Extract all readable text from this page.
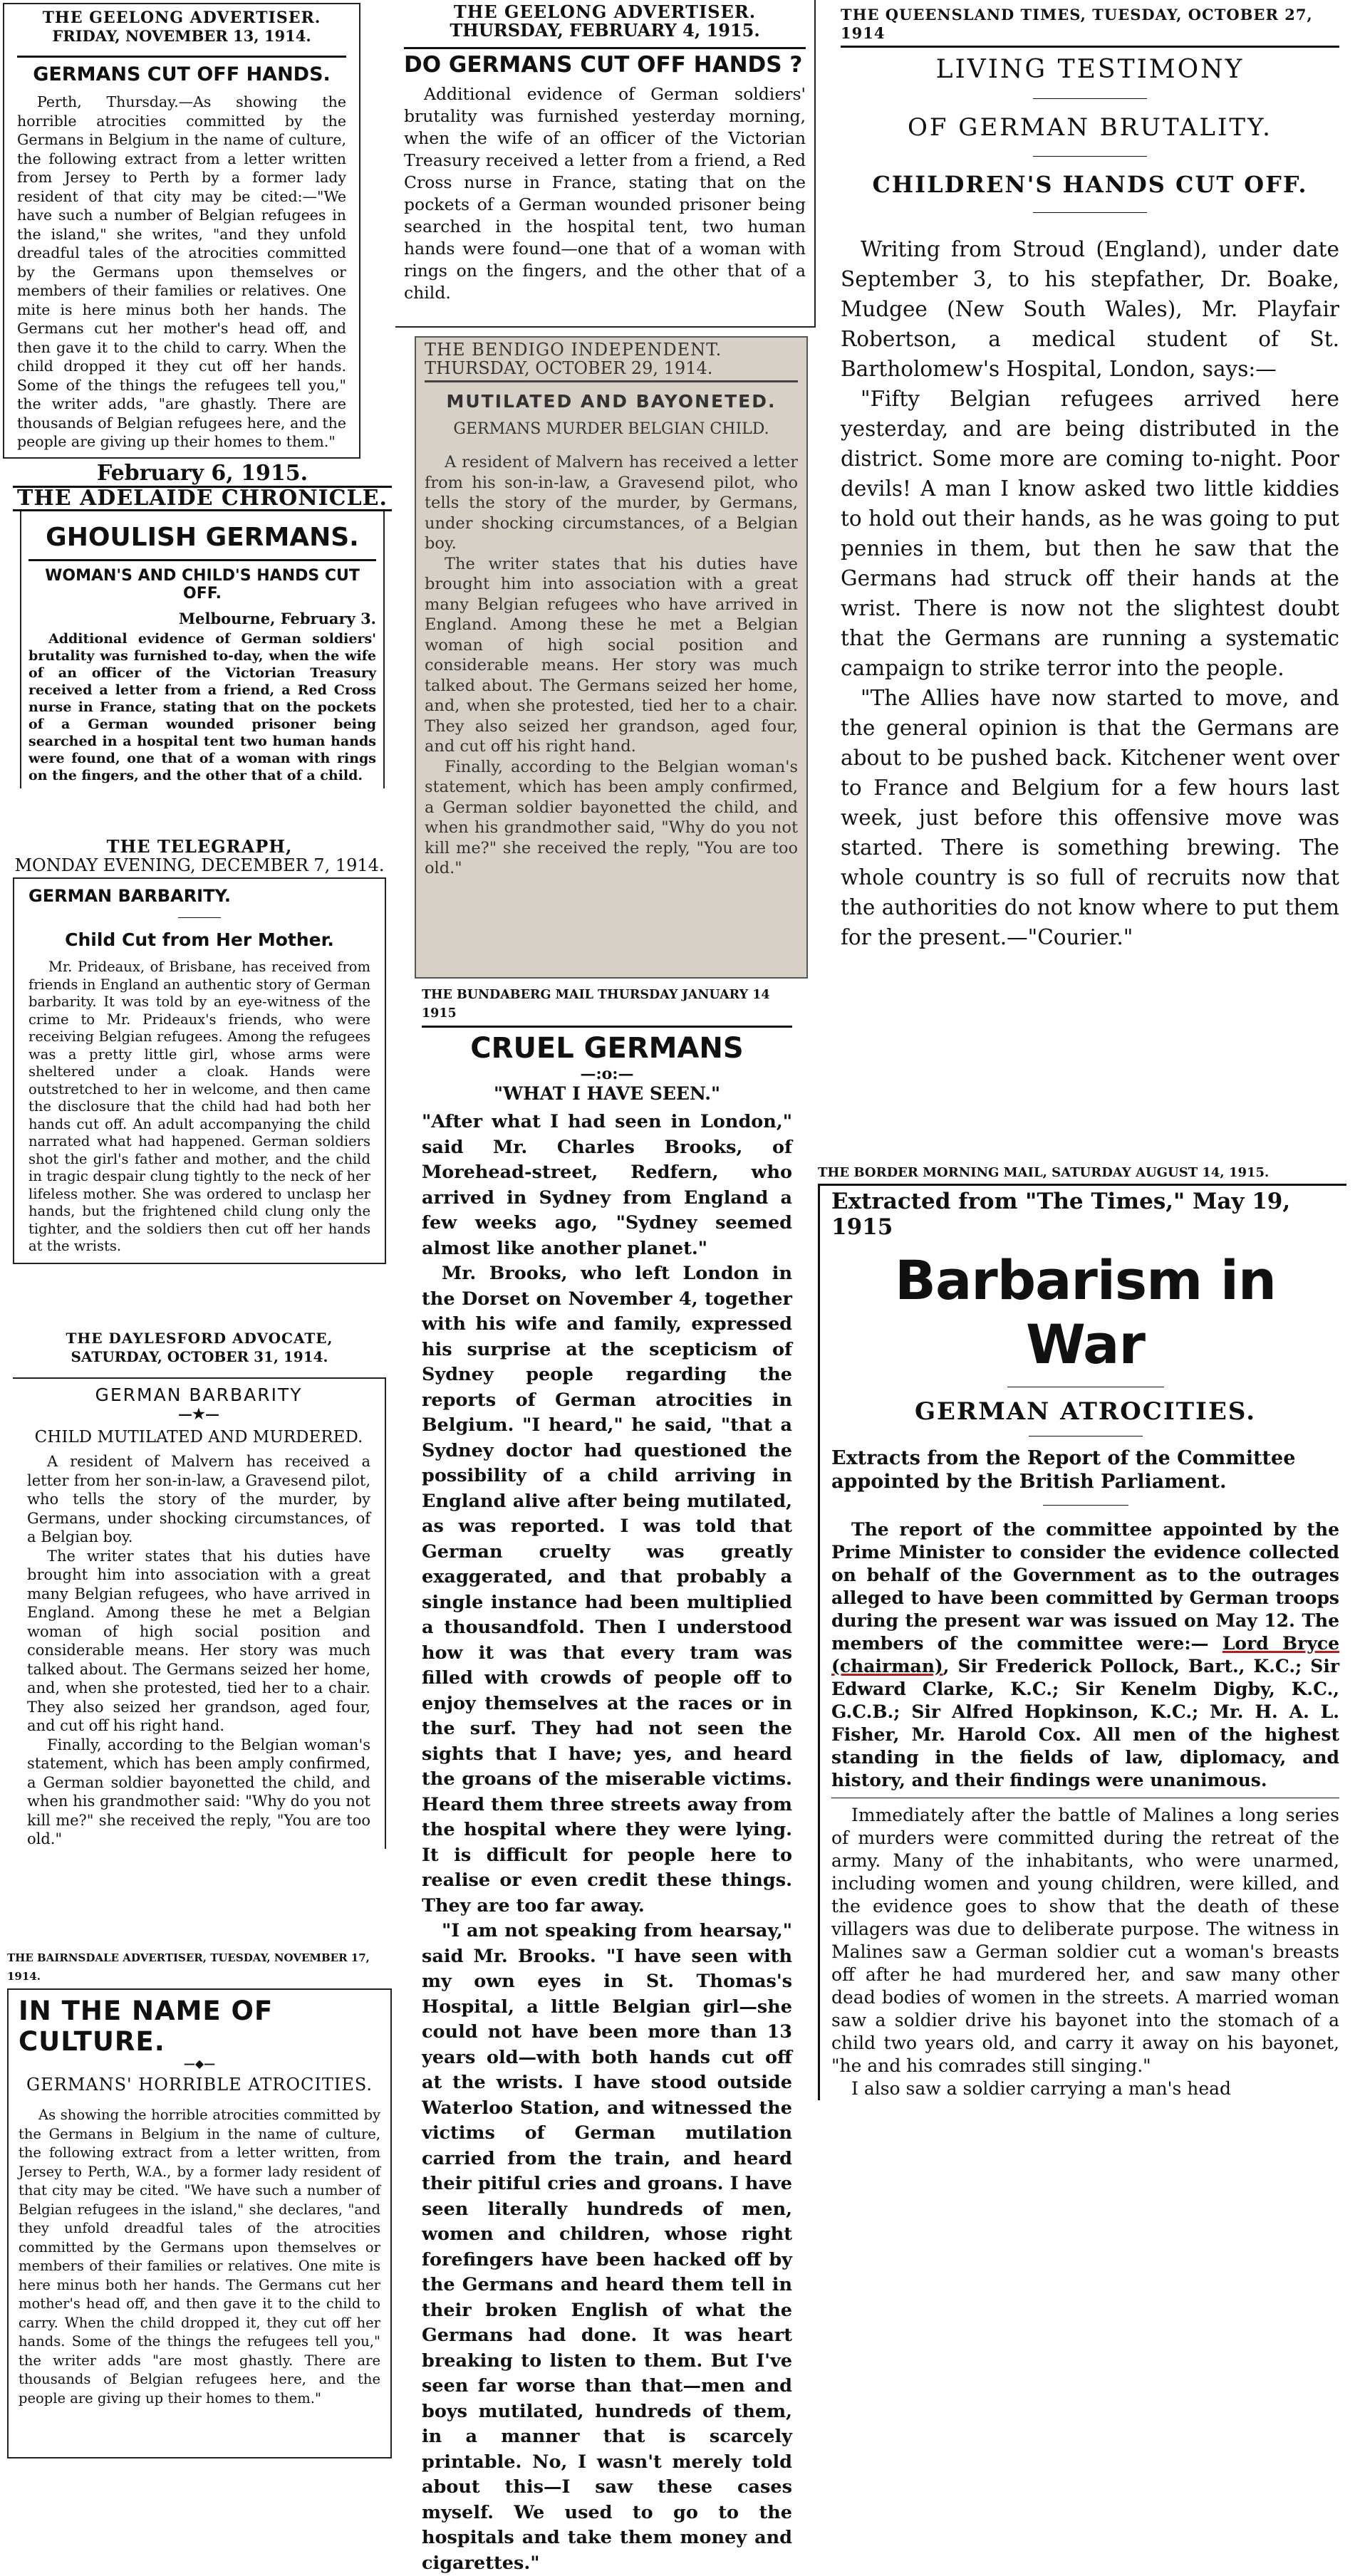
THE GEELONG ADVERTISER.
FRIDAY, NOVEMBER 13, 1914.
GERMANS CUT OFF HANDS.

Perth, Thursday.—As showing the horrible atrocities committed by the Germans in Belgium in the name of culture, the following extract from a letter written from Jersey to Perth by a former lady resident of that city may be cited:—"We have such a number of Belgian refugees in the island," she writes, "and they unfold dreadful tales of the atrocities committed by the Germans upon themselves or members of their families or relatives. One mite is here minus both her hands. The Germans cut her mother's head off, and then gave it to the child to carry. When the child dropped it they cut off her hands. Some of the things the refugees tell you," the writer adds, "are ghastly. There are thousands of Belgian refugees here, and the people are giving up their homes to them."

THE GEELONG ADVERTISER.
THURSDAY, FEBRUARY 4, 1915.
DO GERMANS CUT OFF HANDS ?

Additional evidence of German soldiers' brutality was furnished yesterday morning, when the wife of an officer of the Victorian Treasury received a letter from a friend, a Red Cross nurse in France, stating that on the pockets of a German wounded prisoner being searched in the hospital tent, two human hands were found—one that of a woman with rings on the fingers, and the other that of a child.

THE QUEENSLAND TIMES, TUESDAY, OCTOBER 27, 1914
LIVING TESTIMONY
OF GERMAN BRUTALITY.
CHILDREN'S HANDS CUT OFF.

Writing from Stroud (England), under date September 3, to his stepfather, Dr. Boake, Mudgee (New South Wales), Mr. Playfair Robertson, a medical student of St. Bartholomew's Hospital, London, says:—

"Fifty Belgian refugees arrived here yesterday, and are being distributed in the district. Some more are coming to-night. Poor devils! A man I know asked two little kiddies to hold out their hands, as he was going to put pennies in them, but then he saw that the Germans had struck off their hands at the wrist. There is now not the slightest doubt that the Germans are running a systematic campaign to strike terror into the people.

"The Allies have now started to move, and the general opinion is that the Germans are about to be pushed back. Kitchener went over to France and Belgium for a few hours last week, just before this offensive move was started. There is something brewing. The whole country is so full of recruits now that the authorities do not know where to put them for the present.—"Courier."

THE BENDIGO INDEPENDENT.
THURSDAY, OCTOBER 29, 1914.
MUTILATED AND BAYONETED.
GERMANS MURDER BELGIAN CHILD.

A resident of Malvern has received a letter from his son-in-law, a Gravesend pilot, who tells the story of the murder, by Germans, under shocking circumstances, of a Belgian boy.

The writer states that his duties have brought him into association with a great many Belgian refugees who have arrived in England. Among these he met a Belgian woman of high social position and considerable means. Her story was much talked about. The Germans seized her home, and, when she protested, tied her to a chair. They also seized her grandson, aged four, and cut off his right hand.

Finally, according to the Belgian woman's statement, which has been amply confirmed, a German soldier bayonetted the child, and when his grandmother said, "Why do you not kill me?" she received the reply, "You are too old."

February 6, 1915.
THE ADELAIDE CHRONICLE.
GHOULISH GERMANS.
WOMAN'S AND CHILD'S HANDS CUT OFF.
Melbourne, February 3.

Additional evidence of German soldiers' brutality was furnished to-day, when the wife of an officer of the Victorian Treasury received a letter from a friend, a Red Cross nurse in France, stating that on the pockets of a German wounded prisoner being searched in a hospital tent two human hands were found, one that of a woman with rings on the fingers, and the other that of a child.

THE TELEGRAPH,
MONDAY EVENING, DECEMBER 7, 1914.
GERMAN BARBARITY.
Child Cut from Her Mother.

Mr. Prideaux, of Brisbane, has received from friends in England an authentic story of German barbarity. It was told by an eye-witness of the crime to Mr. Prideaux's friends, who were receiving Belgian refugees. Among the refugees was a pretty little girl, whose arms were sheltered under a cloak. Hands were outstretched to her in welcome, and then came the disclosure that the child had had both her hands cut off. An adult accompanying the child narrated what had happened. German soldiers shot the girl's father and mother, and the child in tragic despair clung tightly to the neck of her lifeless mother. She was ordered to unclasp her hands, but the frightened child clung only the tighter, and the soldiers then cut off her hands at the wrists.

THE BUNDABERG MAIL THURSDAY JANUARY 14 1915
CRUEL GERMANS
—:o:—
"WHAT I HAVE SEEN."

"After what I had seen in London," said Mr. Charles Brooks, of Morehead-street, Redfern, who arrived in Sydney from England a few weeks ago, "Sydney seemed almost like another planet."

Mr. Brooks, who left London in the Dorset on November 4, together with his wife and family, expressed his surprise at the scepticism of Sydney people regarding the reports of German atrocities in Belgium. "I heard," he said, "that a Sydney doctor had questioned the possibility of a child arriving in England alive after being mutilated, as was reported. I was told that German cruelty was greatly exaggerated, and that probably a single instance had been multiplied a thousandfold. Then I understood how it was that every tram was filled with crowds of people off to enjoy themselves at the races or in the surf. They had not seen the sights that I have; yes, and heard the groans of the miserable victims. Heard them three streets away from the hospital where they were lying. It is difficult for people here to realise or even credit these things. They are too far away.

"I am not speaking from hearsay," said Mr. Brooks. "I have seen with my own eyes in St. Thomas's Hospital, a little Belgian girl—she could not have been more than 13 years old—with both hands cut off at the wrists. I have stood outside Waterloo Station, and witnessed the victims of German mutilation carried from the train, and heard their pitiful cries and groans. I have seen literally hundreds of men, women and children, whose right forefingers have been hacked off by the Germans and heard them tell in their broken English of what the Germans had done. It was heart breaking to listen to them. But I've seen far worse than that—men and boys mutilated, hundreds of them, in a manner that is scarcely printable. No, I wasn't merely told about this—I saw these cases myself. We used to go to the hospitals and take them money and cigarettes."

THE DAYLESFORD ADVOCATE,
SATURDAY, OCTOBER 31, 1914.
GERMAN BARBARITY
—★—
CHILD MUTILATED AND MURDERED.

A resident of Malvern has received a letter from her son-in-law, a Gravesend pilot, who tells the story of the murder, by Germans, under shocking circumstances, of a Belgian boy.

The writer states that his duties have brought him into association with a great many Belgian refugees, who have arrived in England. Among these he met a Belgian woman of high social position and considerable means. Her story was much talked about. The Germans seized her home, and, when she protested, tied her to a chair. They also seized her grandson, aged four, and cut off his right hand.

Finally, according to the Belgian woman's statement, which has been amply confirmed, a German soldier bayonetted the child, and when his grandmother said: "Why do you not kill me?" she received the reply, "You are too old."

THE BAIRNSDALE ADVERTISER, TUESDAY, NOVEMBER 17, 1914.
IN THE NAME OF CULTURE.
—◆—
GERMANS' HORRIBLE ATROCITIES.

As showing the horrible atrocities committed by the Germans in Belgium in the name of culture, the following extract from a letter written, from Jersey to Perth, W.A., by a former lady resident of that city may be cited. "We have such a number of Belgian refugees in the island," she declares, "and they unfold dreadful tales of the atrocities committed by the Germans upon themselves or members of their families or relatives. One mite is here minus both her hands. The Germans cut her mother's head off, and then gave it to the child to carry. When the child dropped it, they cut off her hands. Some of the things the refugees tell you," the writer adds "are most ghastly. There are thousands of Belgian refugees here, and the people are giving up their homes to them."

THE BORDER MORNING MAIL, SATURDAY AUGUST 14, 1915.
Extracted from "The Times," May 19, 1915
Barbarism in War
GERMAN ATROCITIES.
Extracts from the Report of the Committee appointed by the British Parliament.

The report of the committee appointed by the Prime Minister to consider the evidence collected on behalf of the Government as to the outrages alleged to have been committed by German troops during the present war was issued on May 12. The members of the committee were:— Lord Bryce (chairman), Sir Frederick Pollock, Bart., K.C.; Sir Edward Clarke, K.C.; Sir Kenelm Digby, K.C., G.C.B.; Sir Alfred Hopkinson, K.C.; Mr. H. A. L. Fisher, Mr. Harold Cox. All men of the highest standing in the fields of law, diplomacy, and history, and their findings were unanimous.

Immediately after the battle of Malines a long series of murders were committed during the retreat of the army. Many of the inhabitants, who were unarmed, including women and young children, were killed, and the evidence goes to show that the death of these villagers was due to deliberate purpose. The witness in Malines saw a German soldier cut a woman's breasts off after he had murdered her, and saw many other dead bodies of women in the streets. A married woman saw a soldier drive his bayonet into the stomach of a child two years old, and carry it away on his bayonet, "he and his comrades still singing."

I also saw a soldier carrying a man's head
